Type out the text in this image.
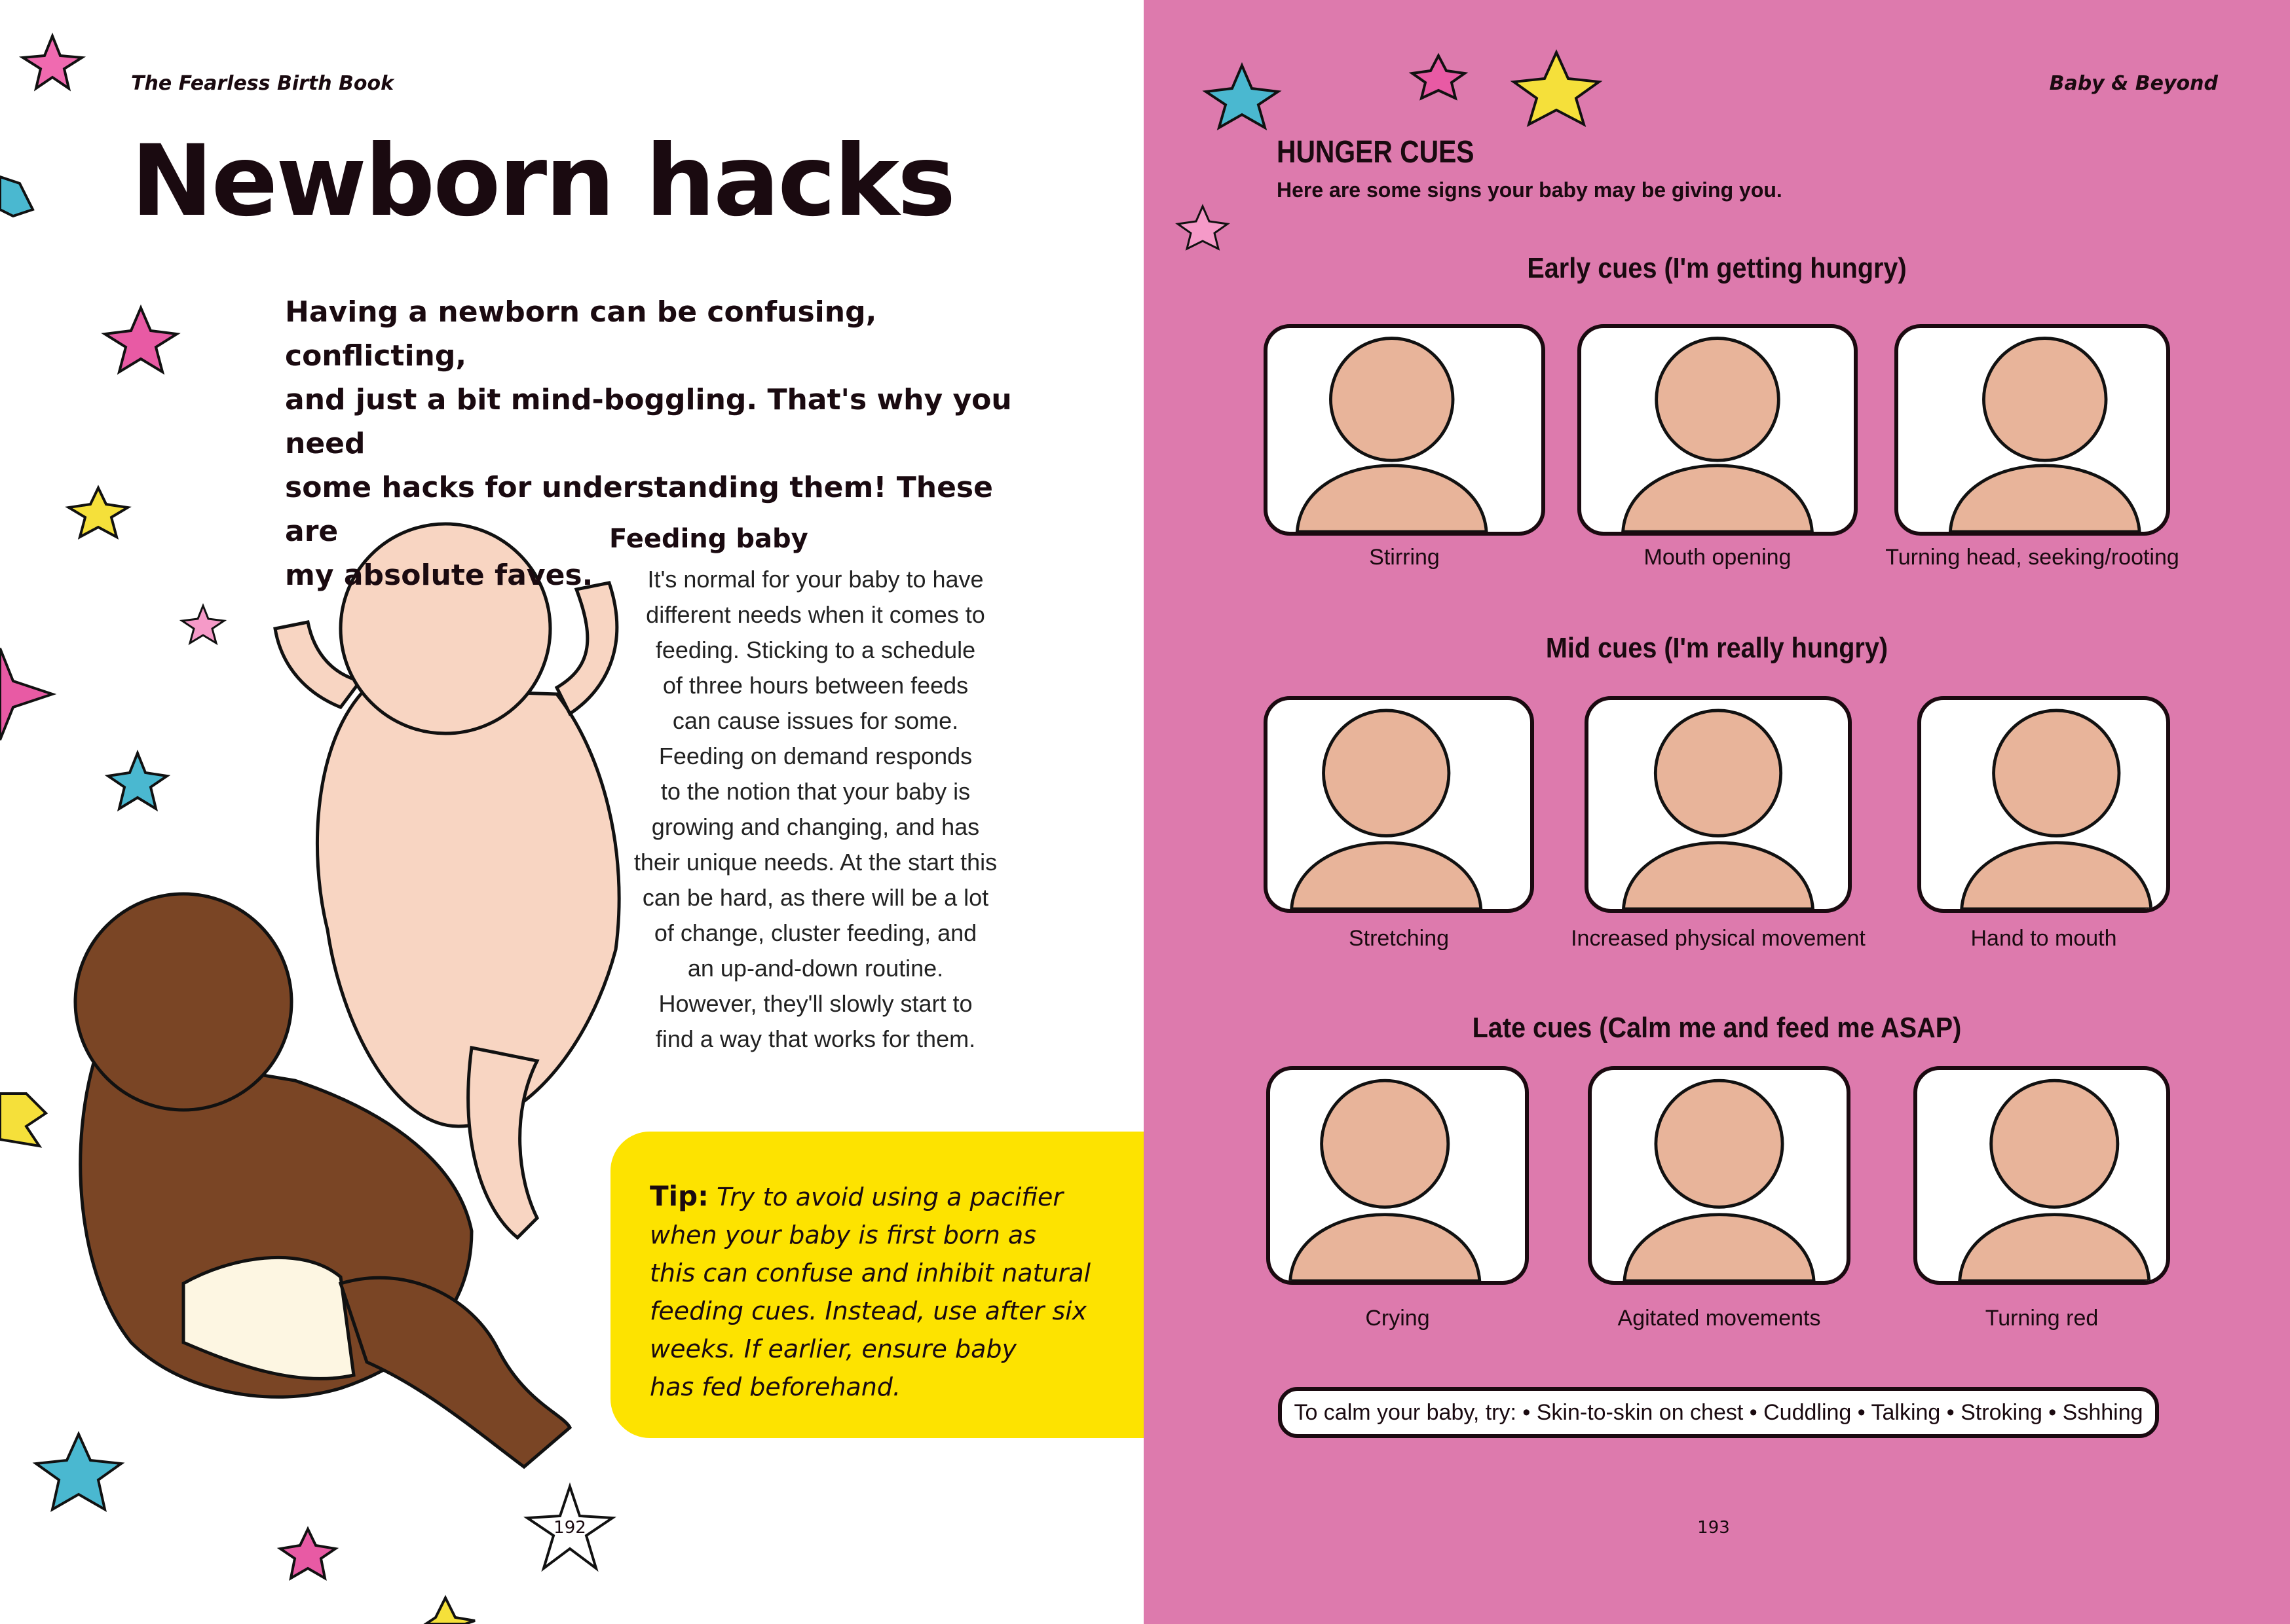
The Fearless Birth Book
Newborn hacks
Having a newborn can be confusing, conflicting,
and just a bit mind-boggling. That's why you need
some hacks for understanding them! These are
my absolute faves.
Feeding baby
It's normal for your baby to have
different needs when it comes to
feeding. Sticking to a schedule
of three hours between feeds
can cause issues for some.
Feeding on demand responds
to the notion that your baby is
growing and changing, and has
their unique needs. At the start this
can be hard, as there will be a lot
of change, cluster feeding, and
an up-and-down routine.
However, they'll slowly start to
find a way that works for them.
Tip: Try to avoid using a pacifier
when your baby is first born as
this can confuse and inhibit natural
feeding cues. Instead, use after six
weeks. If earlier, ensure baby
has fed beforehand.
192
Baby & Beyond
HUNGER CUES
Here are some signs your baby may be giving you.
Early cues (I'm getting hungry)
Mid cues (I'm really hungry)
Late cues (Calm me and feed me ASAP)
Stirring	Mouth opening	Turning head, seeking/rooting
Stretching	Increased physical movement	Hand to mouth
Crying	Agitated movements	Turning red
To calm your baby, try: • Skin-to-skin on chest • Cuddling • Talking • Stroking • Sshhing
193
